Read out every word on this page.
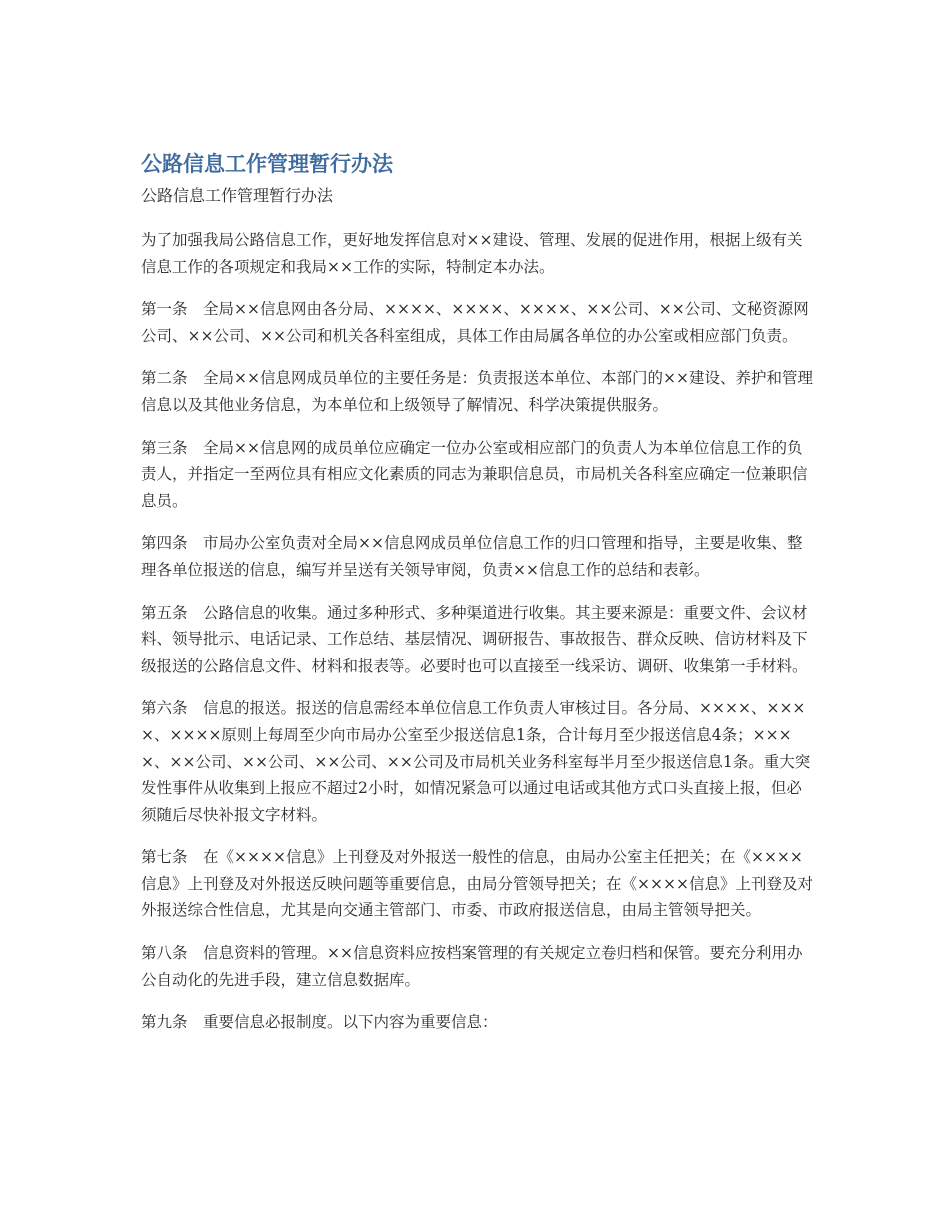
公路信息工作管理暂行办法
公路信息工作管理暂行办法

为了加强我局公路信息工作，更好地发挥信息对××建设、管理、发展的促进作用，根据上级有关信息工作的各项规定和我局××工作的实际，特制定本办法。

第一条　全局××信息网由各分局、××××、××××、××××、××公司、××公司、文秘资源网 公司、××公司、××公司和机关各科室组成，具体工作由局属各单位的办公室或相应部门负责。

第二条　全局××信息网成员单位的主要任务是：负责报送本单位、本部门的××建设、养护和管理信息以及其他业务信息，为本单位和上级领导了解情况、科学决策提供服务。

第三条　全局××信息网的成员单位应确定一位办公室或相应部门的负责人为本单位信息工作的负责人，并指定一至两位具有相应文化素质的同志为兼职信息员，市局机关各科室应确定一位兼职信息员。

第四条　市局办公室负责对全局××信息网成员单位信息工作的归口管理和指导，主要是收集、整理各单位报送的信息，编写并呈送有关领导审阅，负责××信息工作的总结和表彰。

第五条　公路信息的收集。通过多种形式、多种渠道进行收集。其主要来源是：重要文件、会议材料、领导批示、电话记录、工作总结、基层情况、调研报告、事故报告、群众反映、信访材料及下级报送的公路信息文件、材料和报表等。必要时也可以直接至一线采访、调研、收集第一手材料。

第六条　信息的报送。报送的信息需经本单位信息工作负责人审核过目。各分局、××××、××××、××××原则上每周至少向市局办公室至少报送信息1条，合计每月至少报送信息4条；××××、××公司、××公司、××公司、××公司及市局机关业务科室每半月至少报送信息1条。重大突发性事件从收集到上报应不超过2小时，如情况紧急可以通过电话或其他方式口头直接上报，但必须随后尽快补报文字材料。

第七条　在《××××信息》上刊登及对外报送一般性的信息，由局办公室主任把关；在《××××信息》上刊登及对外报送反映问题等重要信息，由局分管领导把关；在《××××信息》上刊登及对外报送综合性信息，尤其是向交通主管部门、市委、市政府报送信息，由局主管领导把关。

第八条　信息资料的管理。××信息资料应按档案管理的有关规定立卷归档和保管。要充分利用办公自动化的先进手段，建立信息数据库。

第九条　重要信息必报制度。以下内容为重要信息：
